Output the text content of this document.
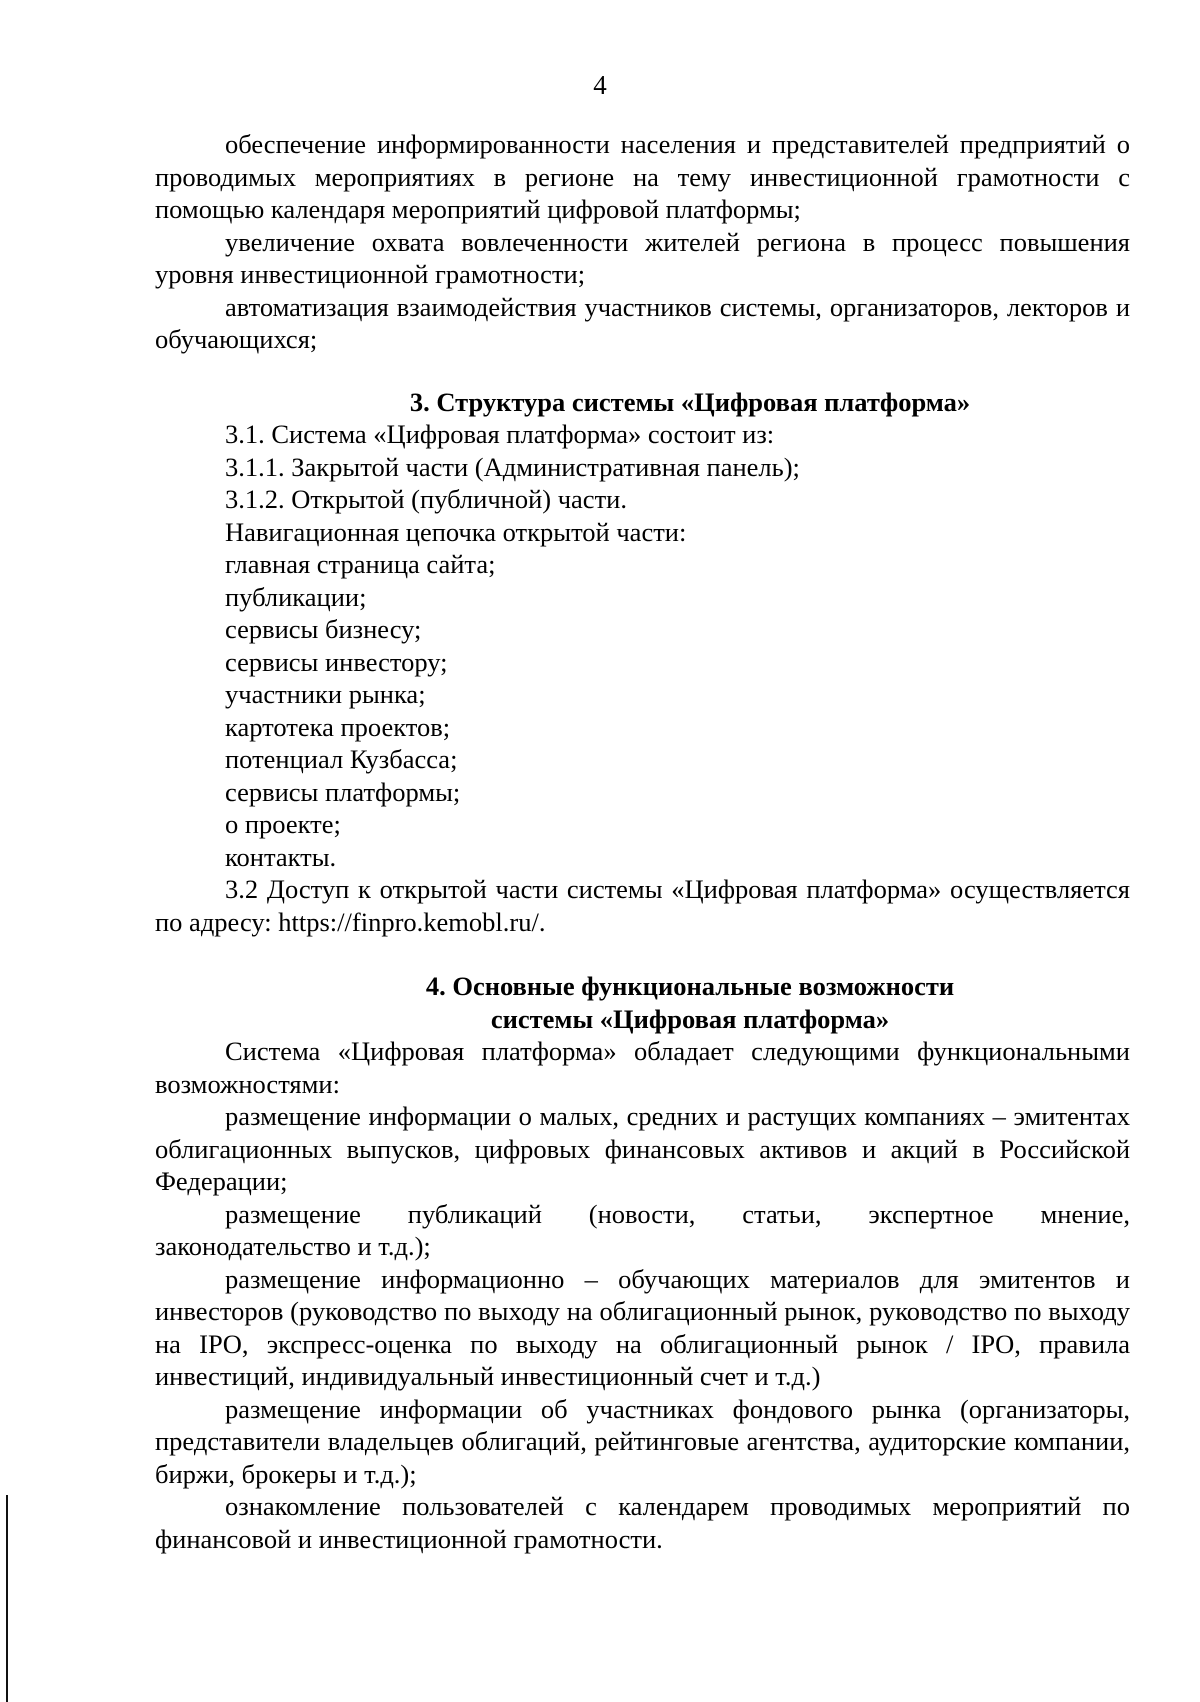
4

обеспечение информированности населения и представителей предприятий о проводимых мероприятиях в регионе на тему инвестиционной грамотности с помощью календаря мероприятий цифровой платформы;

увеличение охвата вовлеченности жителей региона в процесс повышения уровня инвестиционной грамотности;

автоматизация взаимодействия участников системы, организаторов, лекторов и обучающихся;

3. Структура системы «Цифровая платформа»

3.1. Система «Цифровая платформа» состоит из:

3.1.1. Закрытой части (Административная панель);

3.1.2. Открытой (публичной) части.

Навигационная цепочка открытой части:

главная страница сайта;

публикации;

сервисы бизнесу;

сервисы инвестору;

участники рынка;

картотека проектов;

потенциал Кузбасса;

сервисы платформы;

о проекте;

контакты.

3.2 Доступ к открытой части системы «Цифровая платформа» осуществляется по адресу: https://finpro.kemobl.ru/.

4. Основные функциональные возможности
системы «Цифровая платформа»

Система «Цифровая платформа» обладает следующими функциональными возможностями:

размещение информации о малых, средних и растущих компаниях – эмитентах облигационных выпусков, цифровых финансовых активов и акций в Российской Федерации;

размещение публикаций (новости, статьи, экспертное мнение, законодательство и т.д.);

размещение информационно – обучающих материалов для эмитентов и инвесторов (руководство по выходу на облигационный рынок, руководство по выходу на IPO, экспресс-оценка по выходу на облигационный рынок / IPO, правила инвестиций, индивидуальный инвестиционный счет и т.д.)

размещение информации об участниках фондового рынка (организаторы, представители владельцев облигаций, рейтинговые агентства, аудиторские компании, биржи, брокеры и т.д.);

ознакомление пользователей с календарем проводимых мероприятий по финансовой и инвестиционной грамотности.
